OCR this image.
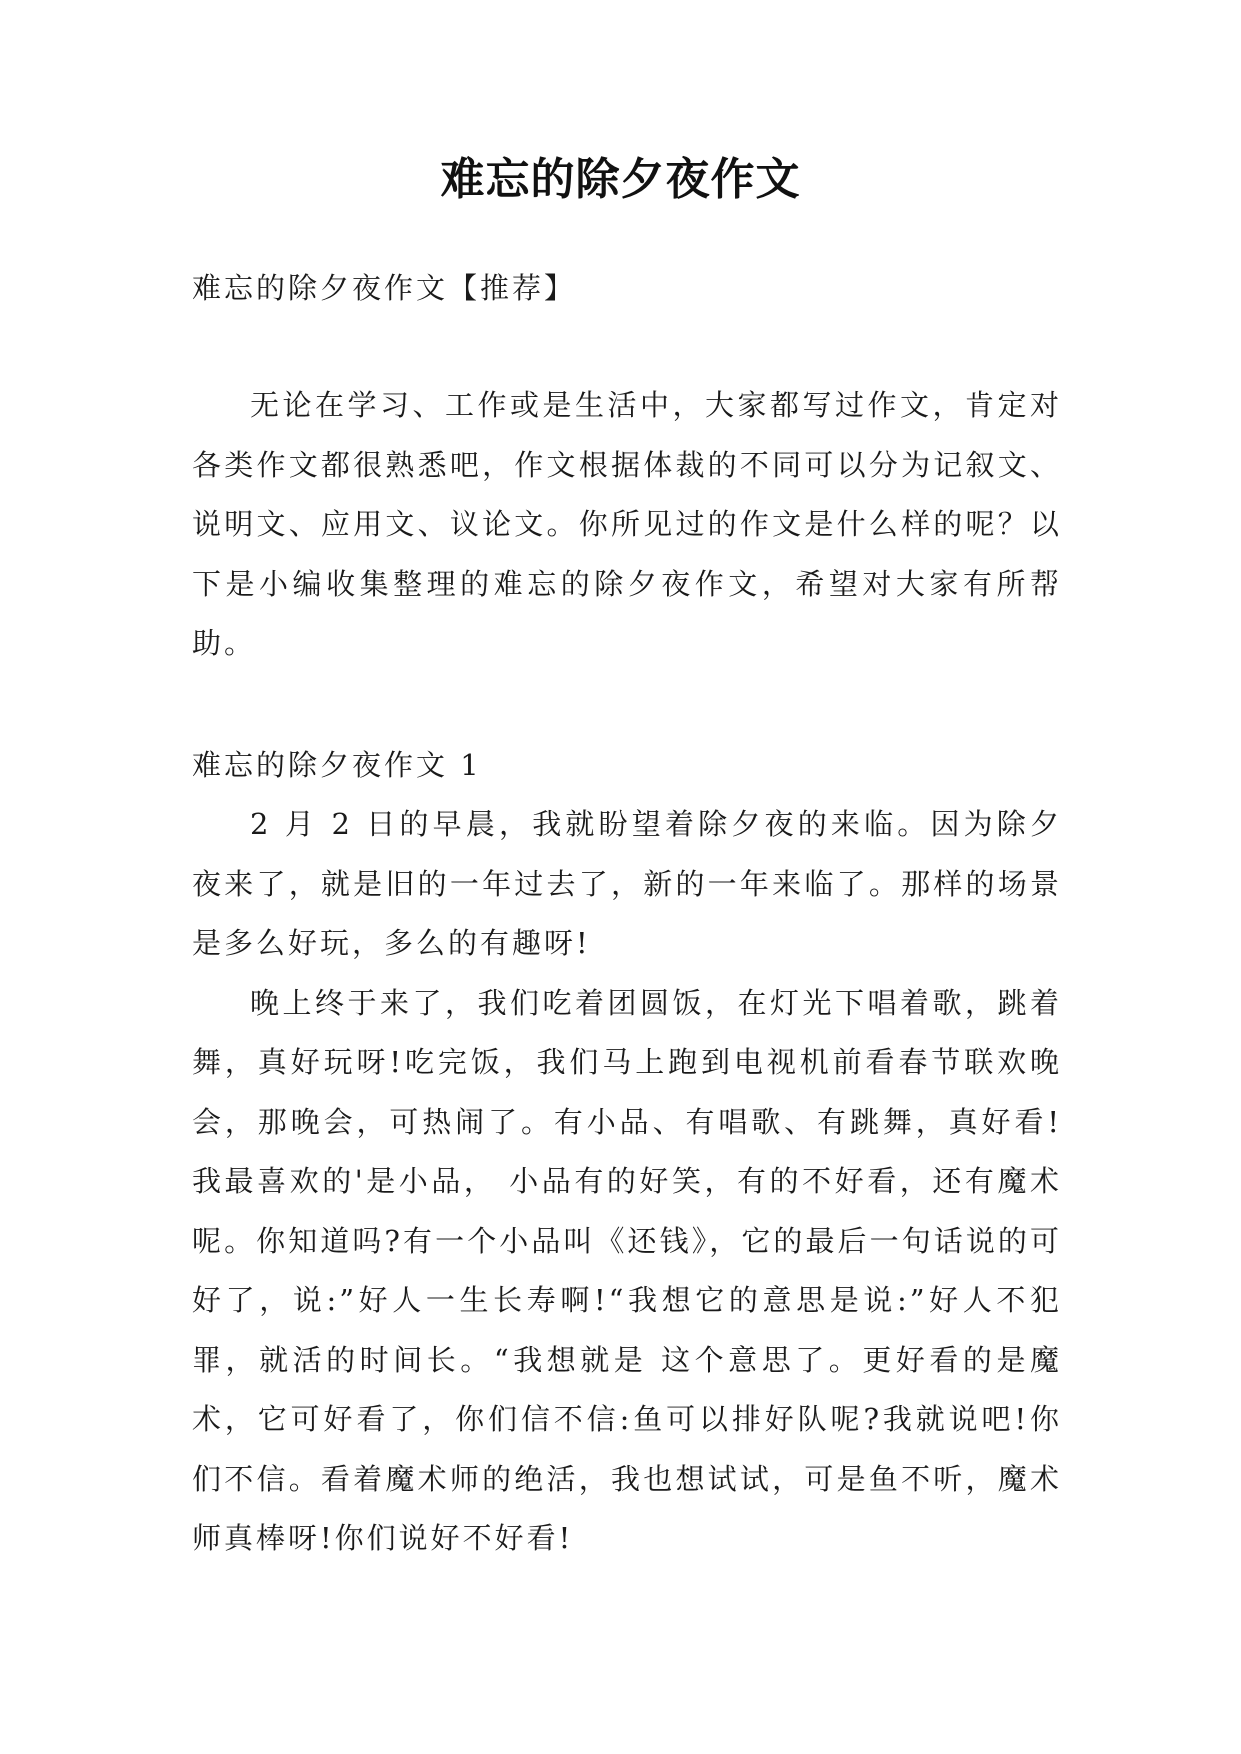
难忘的除夕夜作文

难忘的除夕夜作文【推荐】

无论在学习、工作或是生活中，大家都写过作文，肯定对各类作文都很熟悉吧，作文根据体裁的不同可以分为记叙文、说明文、应用文、议论文。你所见过的作文是什么样的呢？以下是小编收集整理的难忘的除夕夜作文，希望对大家有所帮助。

难忘的除夕夜作文 1

2 月 2 日的早晨，我就盼望着除夕夜的来临。因为除夕夜来了，就是旧的一年过去了，新的一年来临了。那样的场景是多么好玩，多么的有趣呀!

晚上终于来了，我们吃着团圆饭，在灯光下唱着歌，跳着舞，真好玩呀!吃完饭，我们马上跑到电视机前看春节联欢晚会，那晚会，可热闹了。有小品、有唱歌、有跳舞，真好看!我最喜欢的'是小品， 小品有的好笑，有的不好看，还有魔术呢。你知道吗?有一个小品叫《还钱》，它的最后一句话说的可好了，说:”好人一生长寿啊!“我想它的意思是说:”好人不犯罪，就活的时间长。“我想就是 这个意思了。更好看的是魔术，它可好看了，你们信不信:鱼可以排好队呢?我就说吧!你们不信。看着魔术师的绝活，我也想试试，可是鱼不听，魔术师真棒呀!你们说好不好看!
